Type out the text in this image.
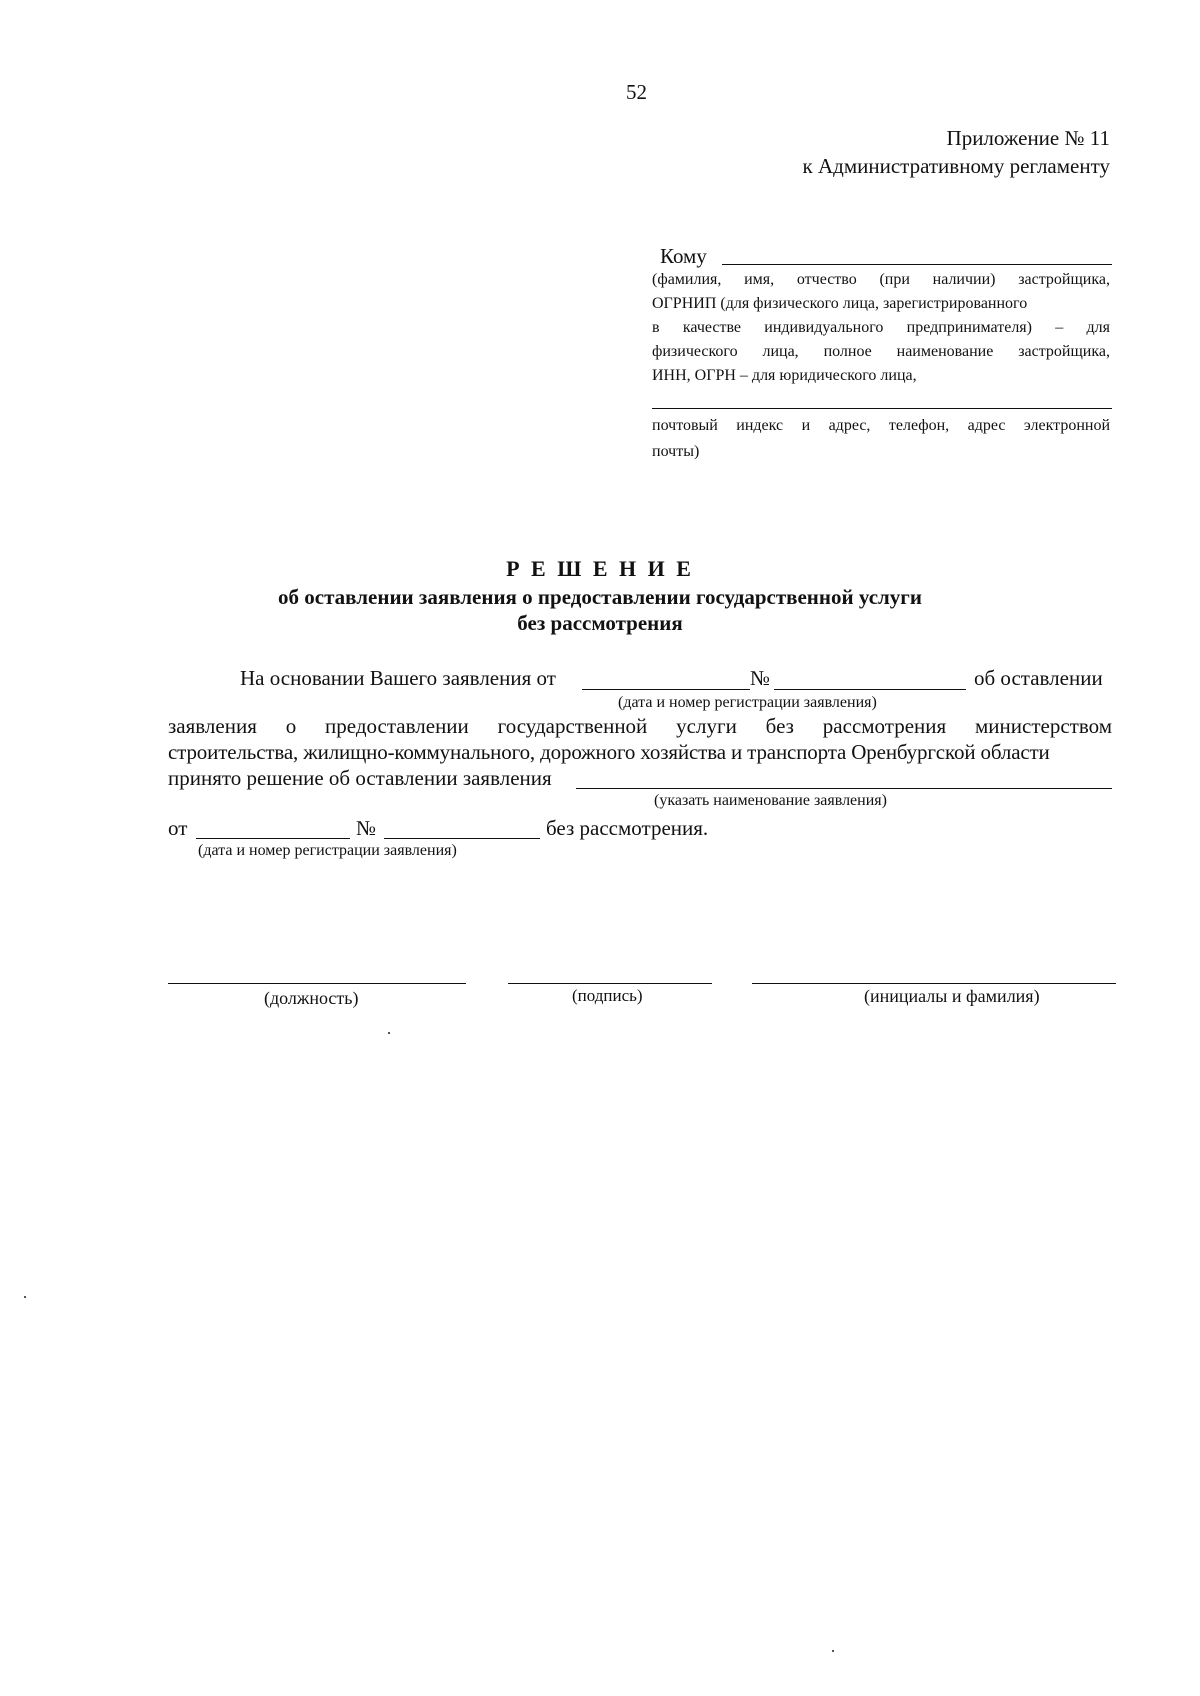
52
Приложение № 11
к Административному регламенту
Кому
(фамилия, имя, отчество (при наличии) застройщика,
ОГРНИП (для физического лица, зарегистрированного
в качестве индивидуального предпринимателя) – для
физического лица, полное наименование застройщика,
ИНН, ОГРН – для юридического лица,
почтовый индекс и адрес, телефон, адрес электронной
почты)
Р Е Ш Е Н И Е
об оставлении заявления о предоставлении государственной услуги
без рассмотрения
На основании Вашего заявления от	№	об оставлении
(дата и номер регистрации заявления)
заявления о предоставлении государственной услуги без рассмотрения министерством
строительства, жилищно-коммунального, дорожного хозяйства и транспорта Оренбургской области
принято решение об оставлении заявления
(указать наименование заявления)
от	№	без рассмотрения.
(дата и номер регистрации заявления)
(должность)	(подпись)	(инициалы и фамилия)
